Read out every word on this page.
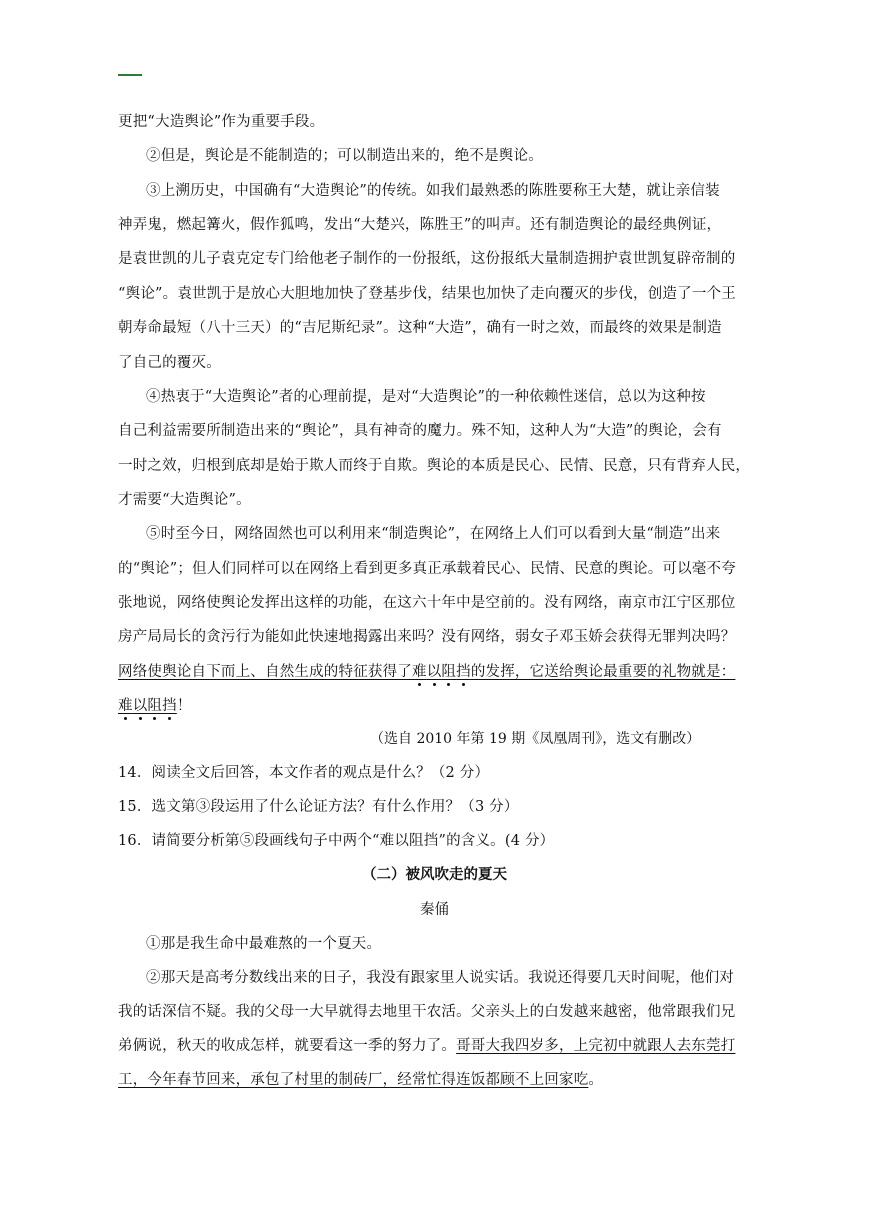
更把“大造舆论”作为重要手段。
②但是，舆论是不能制造的；可以制造出来的，绝不是舆论。
③上溯历史，中国确有“大造舆论”的传统。如我们最熟悉的陈胜要称王大楚，就让亲信装
神弄鬼，燃起篝火，假作狐鸣，发出“大楚兴，陈胜王”的叫声。还有制造舆论的最经典例证，
是袁世凯的儿子袁克定专门给他老子制作的一份报纸，这份报纸大量制造拥护袁世凯复辟帝制的
“舆论”。袁世凯于是放心大胆地加快了登基步伐，结果也加快了走向覆灭的步伐，创造了一个王
朝寿命最短（八十三天）的“吉尼斯纪录”。这种“大造”，确有一时之效，而最终的效果是制造
了自己的覆灭。
④热衷于“大造舆论”者的心理前提，是对“大造舆论”的一种依赖性迷信，总以为这种按
自己利益需要所制造出来的“舆论”，具有神奇的魔力。殊不知，这种人为“大造”的舆论，会有
一时之效，归根到底却是始于欺人而终于自欺。舆论的本质是民心、民情、民意，只有背弃人民，
才需要“大造舆论”。
⑤时至今日，网络固然也可以利用来“制造舆论”，在网络上人们可以看到大量“制造”出来
的“舆论”；但人们同样可以在网络上看到更多真正承载着民心、民情、民意的舆论。可以毫不夸
张地说，网络使舆论发挥出这样的功能，在这六十年中是空前的。没有网络，南京市江宁区那位
房产局局长的贪污行为能如此快速地揭露出来吗？没有网络，弱女子邓玉娇会获得无罪判决吗？
网络使舆论自下而上、自然生成的特征获得了难以阻挡的发挥，它送给舆论最重要的礼物就是：
难以阻挡！
（选自 2010 年第 19 期《凤凰周刊》，选文有删改）
14．阅读全文后回答，本文作者的观点是什么？（2 分）
15．选文第③段运用了什么论证方法？有什么作用？（3 分）
16．请简要分析第⑤段画线句子中两个“难以阻挡”的含义。(4 分）
（二）被风吹走的夏天
秦俑
①那是我生命中最难熬的一个夏天。
②那天是高考分数线出来的日子，我没有跟家里人说实话。我说还得要几天时间呢，他们对
我的话深信不疑。我的父母一大早就得去地里干农活。父亲头上的白发越来越密，他常跟我们兄
弟俩说，秋天的收成怎样，就要看这一季的努力了。哥哥大我四岁多，上完初中就跟人去东莞打
工，今年春节回来，承包了村里的制砖厂，经常忙得连饭都顾不上回家吃。
